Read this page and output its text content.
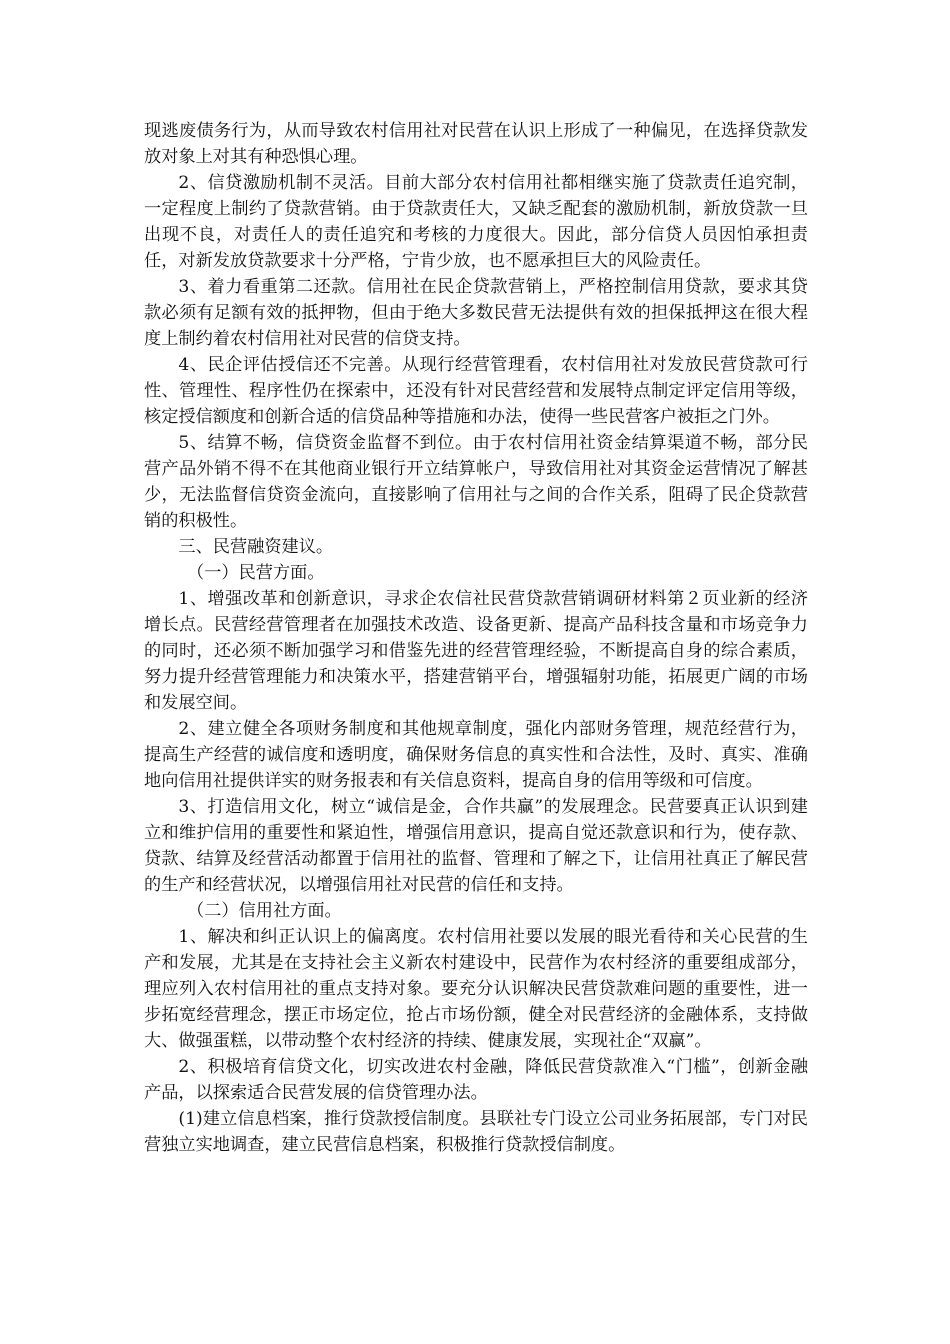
现逃废债务行为，从而导致农村信用社对民营在认识上形成了一种偏见，在选择贷款发放对象上对其有种恐惧心理。

2、信贷激励机制不灵活。目前大部分农村信用社都相继实施了贷款责任追究制，一定程度上制约了贷款营销。由于贷款责任大，又缺乏配套的激励机制，新放贷款一旦出现不良，对责任人的责任追究和考核的力度很大。因此，部分信贷人员因怕承担责任，对新发放贷款要求十分严格，宁肯少放，也不愿承担巨大的风险责任。

3、着力看重第二还款。信用社在民企贷款营销上，严格控制信用贷款，要求其贷款必须有足额有效的抵押物，但由于绝大多数民营无法提供有效的担保抵押这在很大程度上制约着农村信用社对民营的信贷支持。

4、民企评估授信还不完善。从现行经营管理看，农村信用社对发放民营贷款可行性、管理性、程序性仍在探索中，还没有针对民营经营和发展特点制定评定信用等级，核定授信额度和创新合适的信贷品种等措施和办法，使得一些民营客户被拒之门外。

5、结算不畅，信贷资金监督不到位。由于农村信用社资金结算渠道不畅，部分民营产品外销不得不在其他商业银行开立结算帐户，导致信用社对其资金运营情况了解甚少，无法监督信贷资金流向，直接影响了信用社与之间的合作关系，阻碍了民企贷款营销的积极性。

三、民营融资建议。

（一）民营方面。

1、增强改革和创新意识，寻求企农信社民营贷款营销调研材料第２页业新的经济增长点。民营经营管理者在加强技术改造、设备更新、提高产品科技含量和市场竞争力的同时，还必须不断加强学习和借鉴先进的经营管理经验，不断提高自身的综合素质，努力提升经营管理能力和决策水平，搭建营销平台，增强辐射功能，拓展更广阔的市场和发展空间。

2、建立健全各项财务制度和其他规章制度，强化内部财务管理，规范经营行为，提高生产经营的诚信度和透明度，确保财务信息的真实性和合法性，及时、真实、准确地向信用社提供详实的财务报表和有关信息资料，提高自身的信用等级和可信度。

3、打造信用文化，树立“诚信是金，合作共赢”的发展理念。民营要真正认识到建立和维护信用的重要性和紧迫性，增强信用意识，提高自觉还款意识和行为，使存款、贷款、结算及经营活动都置于信用社的监督、管理和了解之下，让信用社真正了解民营的生产和经营状况，以增强信用社对民营的信任和支持。

（二）信用社方面。

1、解决和纠正认识上的偏离度。农村信用社要以发展的眼光看待和关心民营的生产和发展，尤其是在支持社会主义新农村建设中，民营作为农村经济的重要组成部分，理应列入农村信用社的重点支持对象。要充分认识解决民营贷款难问题的重要性，进一步拓宽经营理念，摆正市场定位，抢占市场份额，健全对民营经济的金融体系，支持做大、做强蛋糕，以带动整个农村经济的持续、健康发展，实现社企“双赢”。

2、积极培育信贷文化，切实改进农村金融，降低民营贷款准入“门槛”，创新金融产品，以探索适合民营发展的信贷管理办法。

(1)建立信息档案，推行贷款授信制度。县联社专门设立公司业务拓展部，专门对民营独立实地调查，建立民营信息档案，积极推行贷款授信制度。
